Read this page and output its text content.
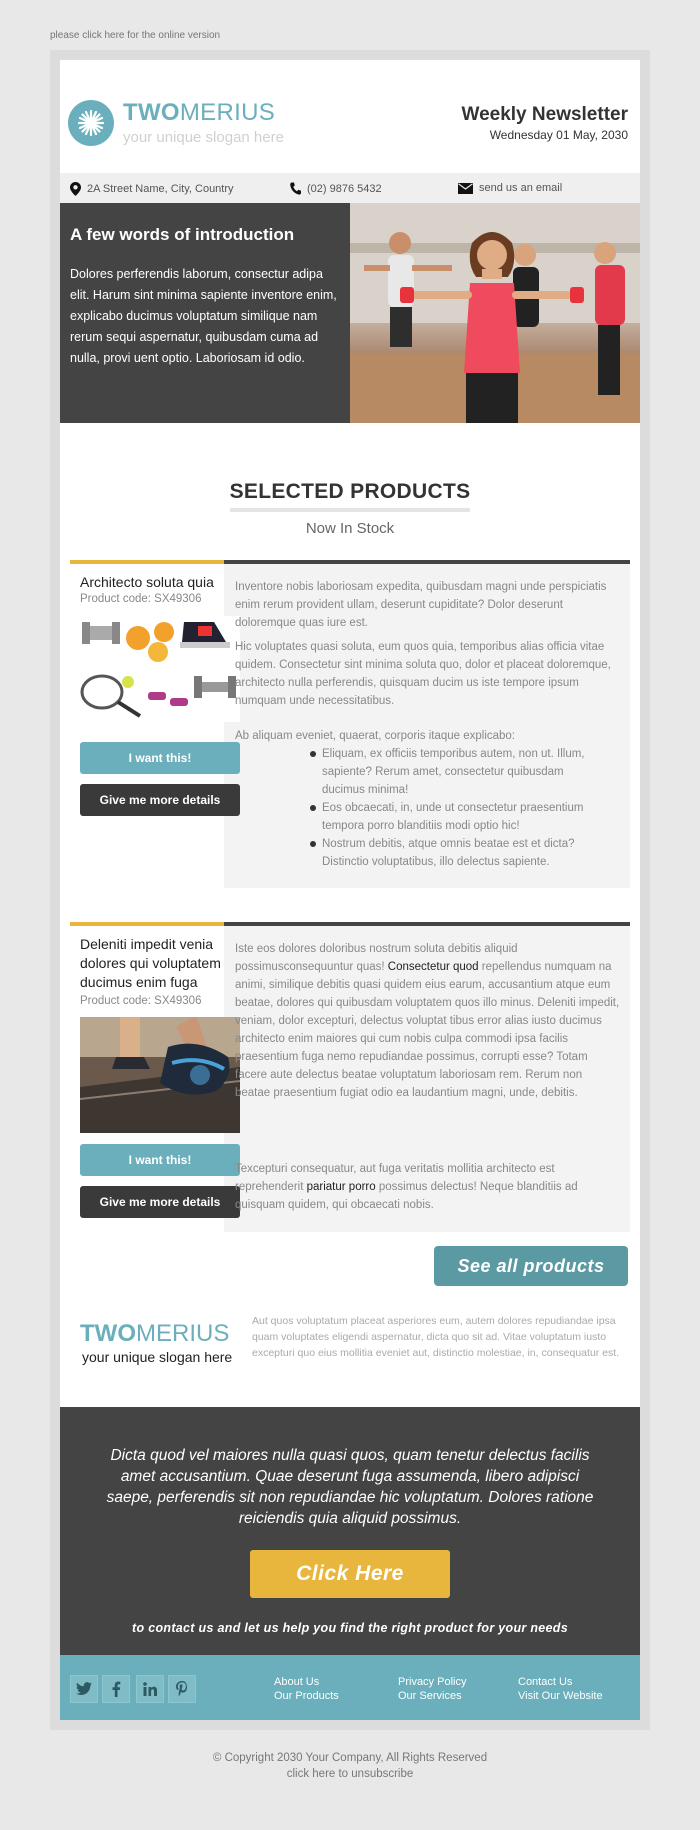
please click here for the online version
TWOMERIUS
your unique slogan here
Weekly Newsletter
Wednesday 01 May, 2030
2A Street Name, City, Country	(02) 9876 5432	send us an email
A few words of introduction
Dolores perferendis laborum, consectur adipa elit. Harum sint minima sapiente inventore enim, explicabo ducimus voluptatum similique nam rerum sequi aspernatur, quibusdam cuma ad nulla, provi uent optio. Laboriosam id odio.
SELECTED PRODUCTS
Now In Stock
Architecto soluta quia
Product code: SX49306
I want this!
Give me more details
Inventore nobis laboriosam expedita, quibusdam magni unde perspiciatis enim rerum provident ullam, deserunt cupiditate? Dolor deserunt doloremque quas iure est.
Hic voluptates quasi soluta, eum quos quia, temporibus alias officia vitae quidem. Consectetur sint minima soluta quo, dolor et placeat doloremque, architecto nulla perferendis, quisquam ducim us iste tempore ipsum numquam unde necessitatibus.
Ab aliquam eveniet, quaerat, corporis itaque explicabo:
Eliquam, ex officiis temporibus autem, non ut. Illum, sapiente? Rerum amet, consectetur quibusdam ducimus minima!
Eos obcaecati, in, unde ut consectetur praesentium tempora porro blanditiis modi optio hic!
Nostrum debitis, atque omnis beatae est et dicta? Distinctio voluptatibus, illo delectus sapiente.
Deleniti impedit venia dolores qui voluptatem ducimus enim fuga
Product code: SX49306
I want this!
Give me more details
Iste eos dolores doloribus nostrum soluta debitis aliquid possimusconsequuntur quas! Consectetur quod repellendus numquam na animi, similique debitis quasi quidem eius earum, accusantium atque eum beatae, dolores qui quibusdam voluptatem quos illo minus. Deleniti impedit, veniam, dolor excepturi, delectus voluptat tibus error alias iusto ducimus architecto enim maiores qui cum nobis culpa commodi ipsa facilis praesentium fuga nemo repudiandae possimus, corrupti esse? Totam facere aute delectus beatae voluptatum laboriosam rem. Rerum non beatae praesentium fugiat odio ea laudantium magni, unde, debitis.
Texcepturi consequatur, aut fuga veritatis mollitia architecto est reprehenderit pariatur porro possimus delectus! Neque blanditiis ad quisquam quidem, qui obcaecati nobis.
See all products
TWOMERIUS
your unique slogan here
Aut quos voluptatum placeat asperiores eum, autem dolores repudiandae ipsa quam voluptates eligendi aspernatur, dicta quo sit ad. Vitae voluptatum iusto excepturi quo eius mollitia eveniet aut, distinctio molestiae, in, consequatur est.
Dicta quod vel maiores nulla quasi quos, quam tenetur delectus facilis amet accusantium. Quae deserunt fuga assumenda, libero adipisci saepe, perferendis sit non repudiandae hic voluptatum. Dolores ratione reiciendis quia aliquid possimus.
Click Here
to contact us and let us help you find the right product for your needs
About Us
Our Products
Privacy Policy
Our Services
Contact Us
Visit Our Website
© Copyright 2030 Your Company, All Rights Reserved
click here to unsubscribe
